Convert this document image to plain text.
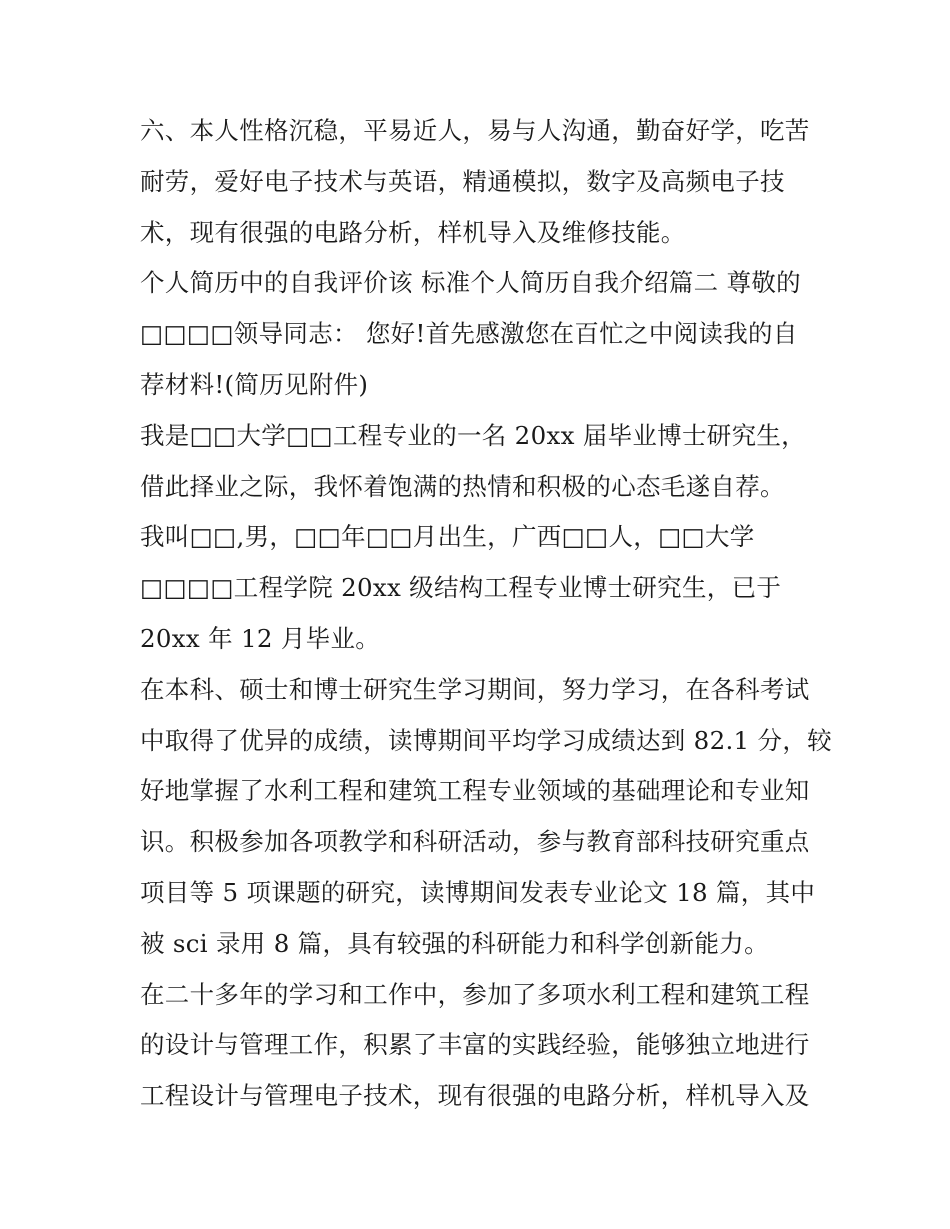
六、本人性格沉稳，平易近人，易与人沟通，勤奋好学，吃苦
耐劳，爱好电子技术与英语，精通模拟，数字及高频电子技
术，现有很强的电路分析，样机导入及维修技能。

个人简历中的自我评价该 标准个人简历自我介绍篇二 尊敬的
□□□□领导同志： 您好!首先感激您在百忙之中阅读我的自
荐材料!(简历见附件)

我是□□大学□□工程专业的一名 20xx 届毕业博士研究生，
借此择业之际，我怀着饱满的热情和积极的心态毛遂自荐。

我叫□□,男，□□年□□月出生，广西□□人，□□大学
□□□□工程学院 20xx 级结构工程专业博士研究生，已于
20xx 年 12 月毕业。

在本科、硕士和博士研究生学习期间，努力学习，在各科考试
中取得了优异的成绩，读博期间平均学习成绩达到 82.1 分，较
好地掌握了水利工程和建筑工程专业领域的基础理论和专业知
识。积极参加各项教学和科研活动，参与教育部科技研究重点
项目等 5 项课题的研究，读博期间发表专业论文 18 篇，其中
被 sci 录用 8 篇，具有较强的科研能力和科学创新能力。

在二十多年的学习和工作中，参加了多项水利工程和建筑工程
的设计与管理工作，积累了丰富的实践经验，能够独立地进行
工程设计与管理电子技术，现有很强的电路分析，样机导入及
